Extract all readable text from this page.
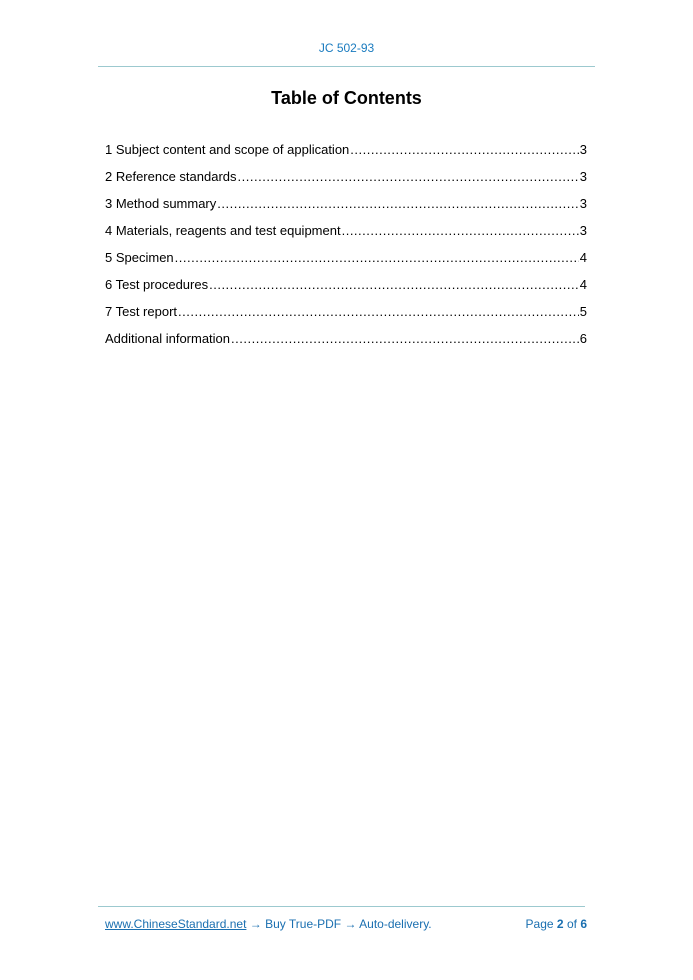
JC 502-93
Table of Contents
1 Subject content and scope of application .....	3
2 Reference standards .....	3
3 Method summary .....	3
4 Materials, reagents and test equipment .....	3
5 Specimen .....	4
6 Test procedures .....	4
7 Test report .....	5
Additional information .....	6
www.ChineseStandard.net → Buy True-PDF → Auto-delivery.	Page 2 of 6
